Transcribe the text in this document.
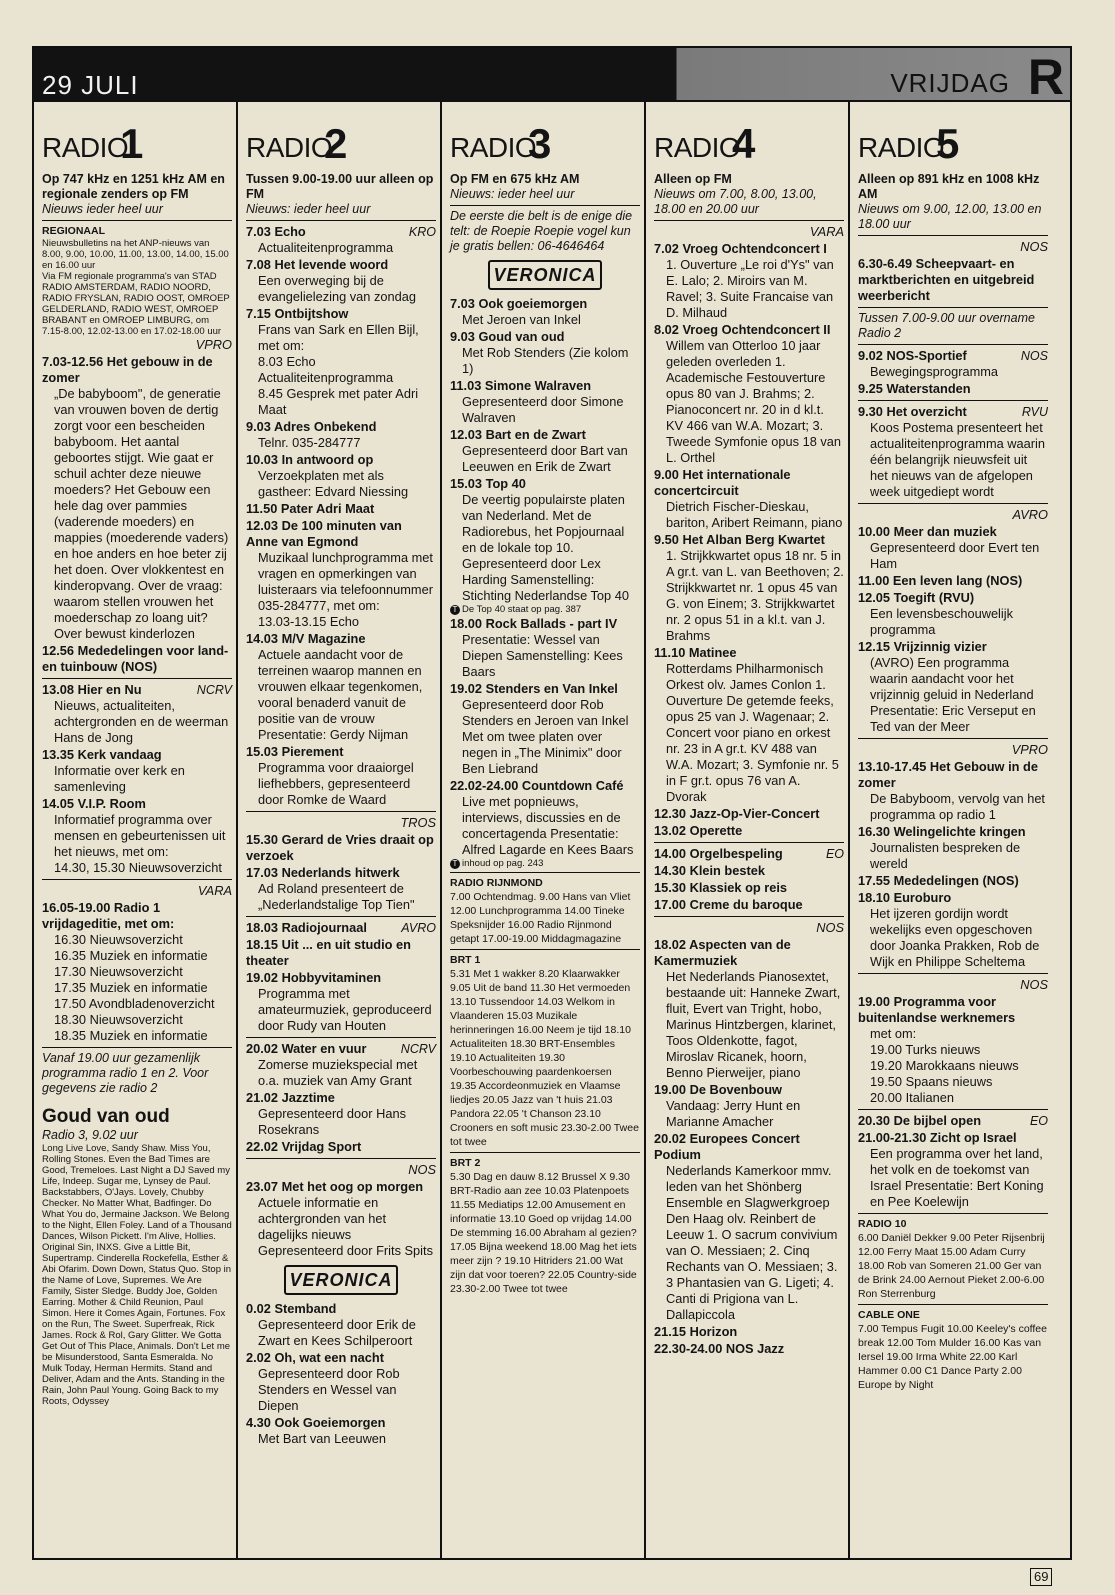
29 JULI	VRIJDAG R
RADIO
1
Op 747 kHz en 1251 kHz AM en regionale zenders op FM
Nieuws ieder heel uur
REGIONAAL
Nieuwsbulletins na het ANP-nieuws van 8.00, 9.00, 10.00, 11.00, 13.00, 14.00, 15.00 en 16.00 uur
Via FM regionale programma's van STAD RADIO AMSTERDAM, RADIO NOORD, RADIO FRYSLAN, RADIO OOST, OMROEP GELDERLAND, RADIO WEST, OMROEP BRABANT en OMROEP LIMBURG, om 7.15-8.00, 12.02-13.00 en 17.02-18.00 uur
VPRO
7.03-12.56 Het gebouw in de zomer
„De babyboom", de generatie van vrouwen boven de dertig zorgt voor een bescheiden babyboom. Het aantal geboortes stijgt. Wie gaat er schuil achter deze nieuwe moeders? Het Gebouw een hele dag over pammies (vaderende moeders) en mappies (moederende vaders) en hoe anders en hoe beter zij het doen. Over vlokkentest en kinderopvang. Over de vraag: waarom stellen vrouwen het moederschap zo loang uit? Over bewust kinderlozen
12.56 Mededelingen voor land- en tuinbouw (NOS)
NCRV
13.08 Hier en Nu
Nieuws, actualiteiten, achtergronden en de weerman Hans de Jong
13.35 Kerk vandaag
Informatie over kerk en samenleving
14.05 V.I.P. Room
Informatief programma over mensen en gebeurtenissen uit het nieuws, met om:
14.30, 15.30 Nieuwsoverzicht
VARA
16.05-19.00 Radio 1 vrijdageditie, met om:
16.30 Nieuwsoverzicht
16.35 Muziek en informatie
17.30 Nieuwsoverzicht
17.35 Muziek en informatie
17.50 Avondbladenoverzicht
18.30 Nieuwsoverzicht
18.35 Muziek en informatie
Vanaf 19.00 uur gezamenlijk programma radio 1 en 2. Voor gegevens zie radio 2
Goud van oud
Radio 3, 9.02 uur
Long Live Love, Sandy Shaw. Miss You, Rolling Stones. Even the Bad Times are Good, Tremeloes. Last Night a DJ Saved my Life, Indeep. Sugar me, Lynsey de Paul. Backstabbers, O'Jays. Lovely, Chubby Checker. No Matter What, Badfinger. Do What You do, Jermaine Jackson. We Belong to the Night, Ellen Foley. Land of a Thousand Dances, Wilson Pickett. I'm Alive, Hollies. Original Sin, INXS. Give a Little Bit, Supertramp. Cinderella Rockefella, Esther & Abi Ofarim. Down Down, Status Quo. Stop in the Name of Love, Supremes. We Are Family, Sister Sledge. Buddy Joe, Golden Earring. Mother & Child Reunion, Paul Simon. Here it Comes Again, Fortunes. Fox on the Run, The Sweet. Superfreak, Rick James. Rock & Rol, Gary Glitter. We Gotta Get Out of This Place, Animals. Don't Let me be Misunderstood, Santa Esmeralda. No Mulk Today, Herman Hermits. Stand and Deliver, Adam and the Ants. Standing in the Rain, John Paul Young. Going Back to my Roots, Odyssey
RADIO
2
Tussen 9.00-19.00 uur alleen op FM
Nieuws: ieder heel uur
KRO
7.03 Echo
Actualiteitenprogramma
7.08 Het levende woord
Een overweging bij de evangelielezing van zondag
7.15 Ontbijtshow
Frans van Sark en Ellen Bijl, met om:
8.03 Echo
Actualiteitenprogramma
8.45 Gesprek met pater Adri Maat
9.03 Adres Onbekend
Telnr. 035-284777
10.03 In antwoord op
Verzoekplaten met als gastheer: Edvard Niessing
11.50 Pater Adri Maat
12.03 De 100 minuten van Anne van Egmond
Muzikaal lunchprogramma met vragen en opmerkingen van luisteraars via telefoonnummer 035-284777, met om:
13.03-13.15 Echo
14.03 M/V Magazine
Actuele aandacht voor de terreinen waarop mannen en vrouwen elkaar tegenkomen, vooral benaderd vanuit de positie van de vrouw Presentatie: Gerdy Nijman
15.03 Pierement
Programma voor draaiorgel liefhebbers, gepresenteerd door Romke de Waard
TROS
15.30 Gerard de Vries draait op verzoek
17.03 Nederlands hitwerk
Ad Roland presenteert de „Nederlandstalige Top Tien"
AVRO
18.03 Radiojournaal
18.15 Uit ... en uit studio en theater
19.02 Hobbyvitaminen
Programma met amateurmuziek, geproduceerd door Rudy van Houten
NCRV
20.02 Water en vuur
Zomerse muziekspecial met o.a. muziek van Amy Grant
21.02 Jazztime
Gepresenteerd door Hans Rosekrans
22.02 Vrijdag Sport
NOS
23.07 Met het oog op morgen
Actuele informatie en achtergronden van het dagelijks nieuws Gepresenteerd door Frits Spits
VERONICA
0.02 Stemband
Gepresenteerd door Erik de Zwart en Kees Schilperoort
2.02 Oh, wat een nacht
Gepresenteerd door Rob Stenders en Wessel van Diepen
4.30 Ook Goeiemorgen
Met Bart van Leeuwen
RADIO
3
Op FM en 675 kHz AM
Nieuws: ieder heel uur
De eerste die belt is de enige die telt: de Roepie Roepie vogel kun je gratis bellen: 06-4646464
VERONICA
7.03 Ook goeiemorgen
Met Jeroen van Inkel
9.03 Goud van oud
Met Rob Stenders (Zie kolom 1)
11.03 Simone Walraven
Gepresenteerd door Simone Walraven
12.03 Bart en de Zwart
Gepresenteerd door Bart van Leeuwen en Erik de Zwart
15.03 Top 40
De veertig populairste platen van Nederland. Met de Radiorebus, het Popjournaal en de lokale top 10. Gepresenteerd door Lex Harding Samenstelling: Stichting Nederlandse Top 40
T De Top 40 staat op pag. 387
18.00 Rock Ballads - part IV
Presentatie: Wessel van Diepen Samenstelling: Kees Baars
19.02 Stenders en Van Inkel
Gepresenteerd door Rob Stenders en Jeroen van Inkel Met om twee platen over negen in „The Minimix" door Ben Liebrand
22.02-24.00 Countdown Café
Live met popnieuws, interviews, discussies en de concertagenda Presentatie: Alfred Lagarde en Kees Baars
T inhoud op pag. 243
RADIO RIJNMOND
7.00 Ochtendmag. 9.00 Hans van Vliet 12.00 Lunchprogramma 14.00 Tineke Speksnijder 16.00 Radio Rijnmond getapt 17.00-19.00 Middagmagazine
BRT 1
5.31 Met 1 wakker 8.20 Klaarwakker 9.05 Uit de band 11.30 Het vermoeden 13.10 Tussendoor 14.03 Welkom in Vlaanderen 15.03 Muzikale herinneringen 16.00 Neem je tijd 18.10 Actualiteiten 18.30 BRT-Ensembles 19.10 Actualiteiten 19.30 Voorbeschouwing paardenkoersen 19.35 Accordeonmuziek en Vlaamse liedjes 20.05 Jazz van 't huis 21.03 Pandora 22.05 't Chanson 23.10 Crooners en soft music 23.30-2.00 Twee tot twee
BRT 2
5.30 Dag en dauw 8.12 Brussel X 9.30 BRT-Radio aan zee 10.03 Platenpoets 11.55 Mediatips 12.00 Amusement en informatie 13.10 Goed op vrijdag 14.00 De stemming 16.00 Abraham al gezien? 17.05 Bijna weekend 18.00 Mag het iets meer zijn ? 19.10 Hitriders 21.00 Wat zijn dat voor toeren? 22.05 Country-side 23.30-2.00 Twee tot twee
RADIO
4
Alleen op FM
Nieuws om 7.00, 8.00, 13.00, 18.00 en 20.00 uur
VARA
7.02 Vroeg Ochtendconcert I
1. Ouverture „Le roi d'Ys" van E. Lalo; 2. Miroirs van M. Ravel; 3. Suite Francaise van D. Milhaud
8.02 Vroeg Ochtendconcert II
Willem van Otterloo 10 jaar geleden overleden 1. Academische Festouverture opus 80 van J. Brahms; 2. Pianoconcert nr. 20 in d kl.t. KV 466 van W.A. Mozart; 3. Tweede Symfonie opus 18 van L. Orthel
9.00 Het internationale concertcircuit
Dietrich Fischer-Dieskau, bariton, Aribert Reimann, piano
9.50 Het Alban Berg Kwartet
1. Strijkkwartet opus 18 nr. 5 in A gr.t. van L. van Beethoven; 2. Strijkkwartet nr. 1 opus 45 van G. von Einem; 3. Strijkkwartet nr. 2 opus 51 in a kl.t. van J. Brahms
11.10 Matinee
Rotterdams Philharmonisch Orkest olv. James Conlon 1. Ouverture De getemde feeks, opus 25 van J. Wagenaar; 2. Concert voor piano en orkest nr. 23 in A gr.t. KV 488 van W.A. Mozart; 3. Symfonie nr. 5 in F gr.t. opus 76 van A. Dvorak
12.30 Jazz-Op-Vier-Concert
13.02 Operette
EO
14.00 Orgelbespeling
14.30 Klein bestek
15.30 Klassiek op reis
17.00 Creme du baroque
NOS
18.02 Aspecten van de Kamermuziek
Het Nederlands Pianosextet, bestaande uit: Hanneke Zwart, fluit, Evert van Tright, hobo, Marinus Hintzbergen, klarinet, Toos Oldenkotte, fagot, Miroslav Ricanek, hoorn, Benno Pierweijer, piano
19.00 De Bovenbouw
Vandaag: Jerry Hunt en Marianne Amacher
20.02 Europees Concert Podium
Nederlands Kamerkoor mmv. leden van het Shönberg Ensemble en Slagwerkgroep Den Haag olv. Reinbert de Leeuw 1. O sacrum convivium van O. Messiaen; 2. Cinq Rechants van O. Messiaen; 3. 3 Phantasien van G. Ligeti; 4. Canti di Prigiona van L. Dallapiccola
21.15 Horizon
22.30-24.00 NOS Jazz
RADIO
5
Alleen op 891 kHz en 1008 kHz AM
Nieuws om 9.00, 12.00, 13.00 en 18.00 uur
NOS
6.30-6.49 Scheepvaart- en marktberichten en uitgebreid weerbericht
Tussen 7.00-9.00 uur overname Radio 2
NOS
9.02 NOS-Sportief
Bewegingsprogramma
9.25 Waterstanden
RVU
9.30 Het overzicht
Koos Postema presenteert het actualiteitenprogramma waarin één belangrijk nieuwsfeit uit het nieuws van de afgelopen week uitgediept wordt
AVRO
10.00 Meer dan muziek
Gepresenteerd door Evert ten Ham
11.00 Een leven lang (NOS)
12.05 Toegift (RVU)
Een levensbeschouwelijk programma
12.15 Vrijzinnig vizier
(AVRO) Een programma waarin aandacht voor het vrijzinnig geluid in Nederland Presentatie: Eric Verseput en Ted van der Meer
VPRO
13.10-17.45 Het Gebouw in de zomer
De Babyboom, vervolg van het programma op radio 1
16.30 Welingelichte kringen
Journalisten bespreken de wereld
17.55 Mededelingen (NOS)
18.10 Euroburo
Het ijzeren gordijn wordt wekelijks even opgeschoven door Joanka Prakken, Rob de Wijk en Philippe Scheltema
NOS
19.00 Programma voor buitenlandse werknemers
met om:
19.00 Turks nieuws
19.20 Marokkaans nieuws
19.50 Spaans nieuws
20.00 Italianen
EO
20.30 De bijbel open
21.00-21.30 Zicht op Israel
Een programma over het land, het volk en de toekomst van Israel Presentatie: Bert Koning en Pee Koelewijn
RADIO 10
6.00 Daniël Dekker 9.00 Peter Rijsenbrij 12.00 Ferry Maat 15.00 Adam Curry 18.00 Rob van Someren 21.00 Ger van de Brink 24.00 Aernout Pieket 2.00-6.00 Ron Sterrenburg
CABLE ONE
7.00 Tempus Fugit 10.00 Keeley's coffee break 12.00 Tom Mulder 16.00 Kas van Iersel 19.00 Irma White 22.00 Karl Hammer 0.00 C1 Dance Party 2.00 Europe by Night
69
